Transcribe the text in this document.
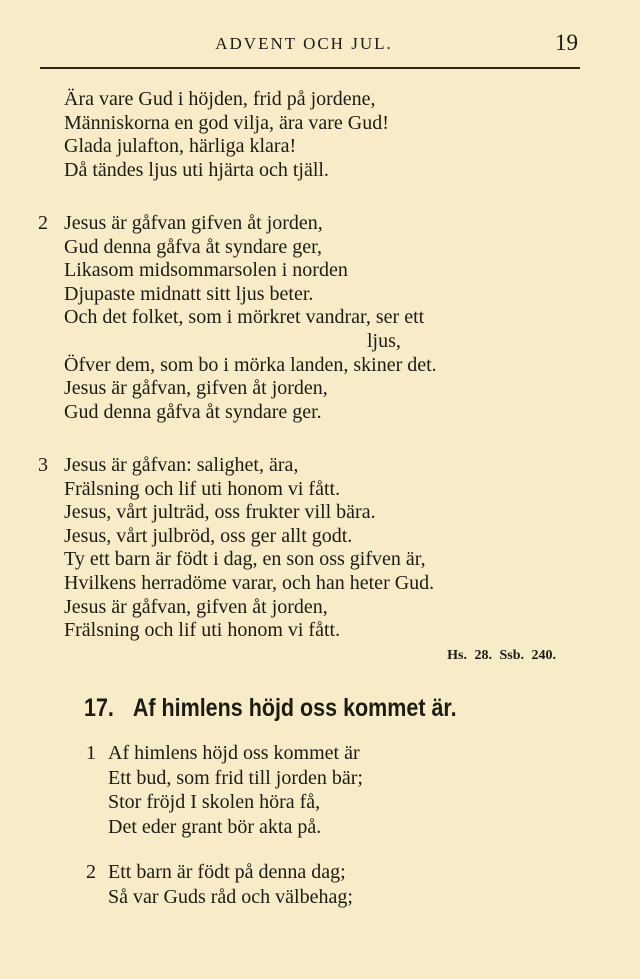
ADVENT OCH JUL.	19
Ära vare Gud i höjden, frid på jordene,
Människorna en god vilja, ära vare Gud!
Glada julafton, härliga klara!
Då tändes ljus uti hjärta och tjäll.
2 Jesus är gåfvan gifven åt jorden,
Gud denna gåfva åt syndare ger,
Likasom midsommarsolen i norden
Djupaste midnatt sitt ljus beter.
Och det folket, som i mörkret vandrar, ser ett
ljus,
Öfver dem, som bo i mörka landen, skiner det.
Jesus är gåfvan, gifven åt jorden,
Gud denna gåfva åt syndare ger.
3 Jesus är gåfvan: salighet, ära,
Frälsning och lif uti honom vi fått.
Jesus, vårt julträd, oss frukter vill bära.
Jesus, vårt julbröd, oss ger allt godt.
Ty ett barn är födt i dag, en son oss gifven är,
Hvilkens herradöme varar, och han heter Gud.
Jesus är gåfvan, gifven åt jorden,
Frälsning och lif uti honom vi fått.
Hs. 28. Ssb. 240.
17. Af himlens höjd oss kommet är.
1 Af himlens höjd oss kommet är
Ett bud, som frid till jorden bär;
Stor fröjd I skolen höra få,
Det eder grant bör akta på.
2 Ett barn är födt på denna dag;
Så var Guds råd och välbehag;
